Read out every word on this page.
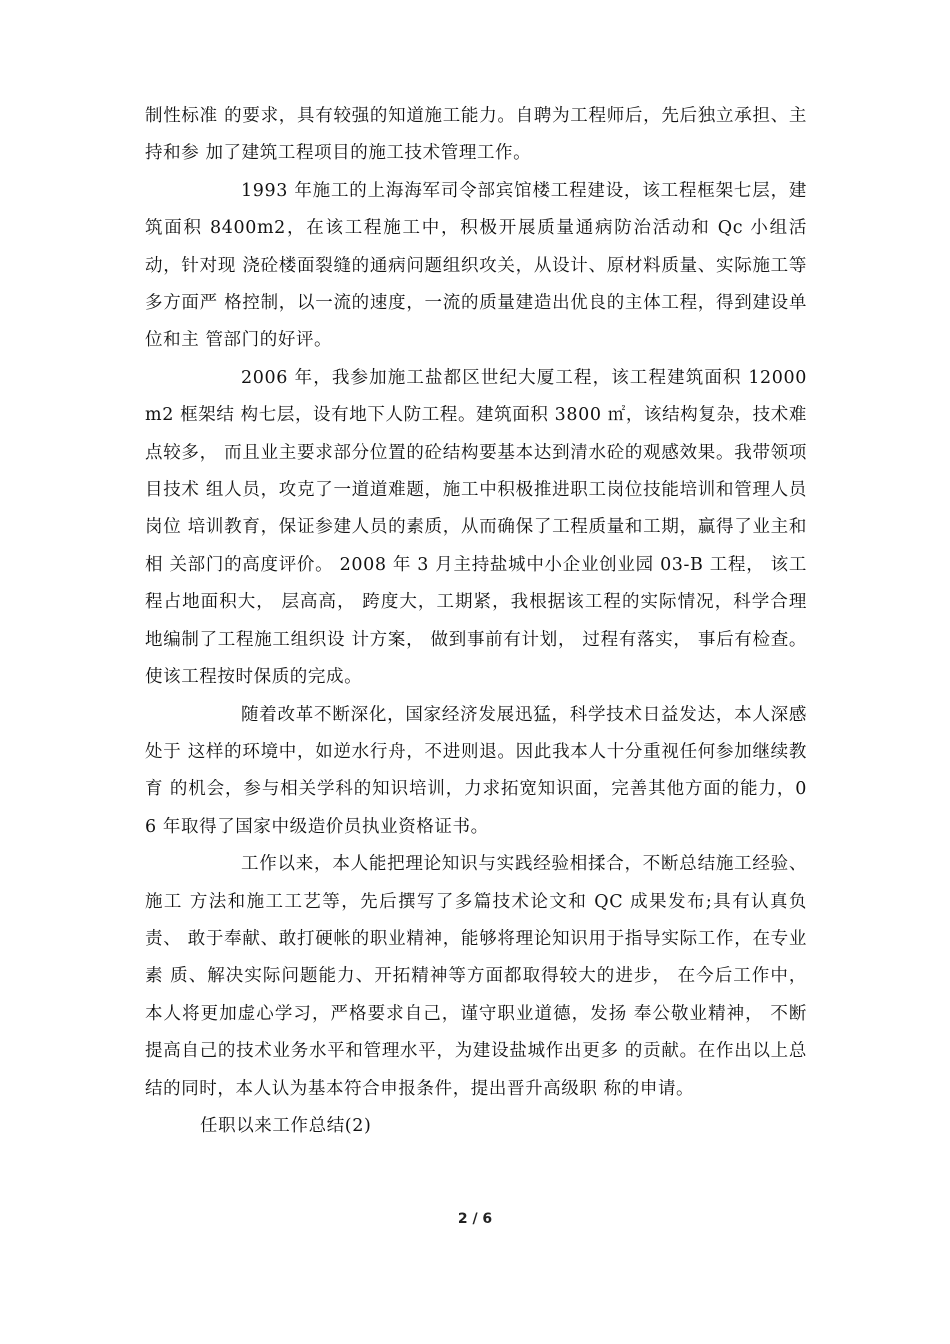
制性标准 的要求，具有较强的知道施工能力。自聘为工程师后，先后独立承担、主持和参 加了建筑工程项目的施工技术管理工作。

1993 年施工的上海海军司令部宾馆楼工程建设，该工程框架七层，建筑面积 8400m2，在该工程施工中，积极开展质量通病防治活动和 Qc 小组活动，针对现 浇砼楼面裂缝的通病问题组织攻关，从设计、原材料质量、实际施工等多方面严 格控制，以一流的速度，一流的质量建造出优良的主体工程，得到建设单位和主 管部门的好评。

2006 年，我参加施工盐都区世纪大厦工程，该工程建筑面积 12000m2 框架结 构七层，设有地下人防工程。建筑面积 3800 ㎡，该结构复杂，技术难点较多， 而且业主要求部分位置的砼结构要基本达到清水砼的观感效果。我带领项目技术 组人员，攻克了一道道难题，施工中积极推进职工岗位技能培训和管理人员岗位 培训教育，保证参建人员的素质，从而确保了工程质量和工期，赢得了业主和相 关部门的高度评价。 2008 年 3 月主持盐城中小企业创业园 03-B 工程， 该工程占地面积大， 层高高， 跨度大，工期紧，我根据该工程的实际情况，科学合理地编制了工程施工组织设 计方案， 做到事前有计划， 过程有落实， 事后有检查。使该工程按时保质的完成。

随着改革不断深化，国家经济发展迅猛，科学技术日益发达，本人深感处于 这样的环境中，如逆水行舟，不进则退。因此我本人十分重视任何参加继续教育 的机会，参与相关学科的知识培训，力求拓宽知识面，完善其他方面的能力，06 年取得了国家中级造价员执业资格证书。

工作以来，本人能把理论知识与实践经验相揉合，不断总结施工经验、施工 方法和施工工艺等，先后撰写了多篇技术论文和 QC 成果发布;具有认真负责、 敢于奉献、敢打硬帐的职业精神，能够将理论知识用于指导实际工作，在专业素 质、解决实际问题能力、开拓精神等方面都取得较大的进步， 在今后工作中，本人将更加虚心学习，严格要求自己，谨守职业道德，发扬 奉公敬业精神， 不断提高自己的技术业务水平和管理水平，为建设盐城作出更多 的贡献。在作出以上总结的同时，本人认为基本符合申报条件，提出晋升高级职 称的申请。

任职以来工作总结(2)

2 / 6
